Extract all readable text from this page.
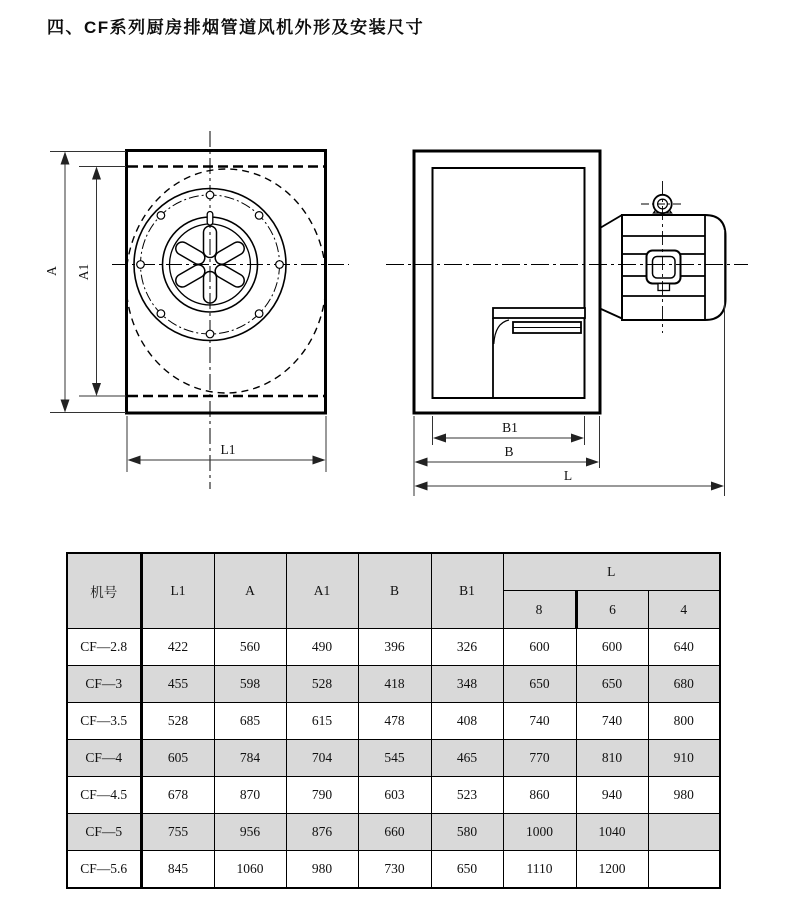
四、CF系列厨房排烟管道风机外形及安装尺寸
A A1
L1
B1
B
L
机号	L1	A	A1	B	B1	L		
						8	6	4
CF—2.8	422	560	490	396	326	600	600	640
CF—3	455	598	528	418	348	650	650	680
CF—3.5	528	685	615	478	408	740	740	800
CF—4	605	784	704	545	465	770	810	910
CF—4.5	678	870	790	603	523	860	940	980
CF—5	755	956	876	660	580	1000	1040	
CF—5.6	845	1060	980	730	650	1110	1200	
